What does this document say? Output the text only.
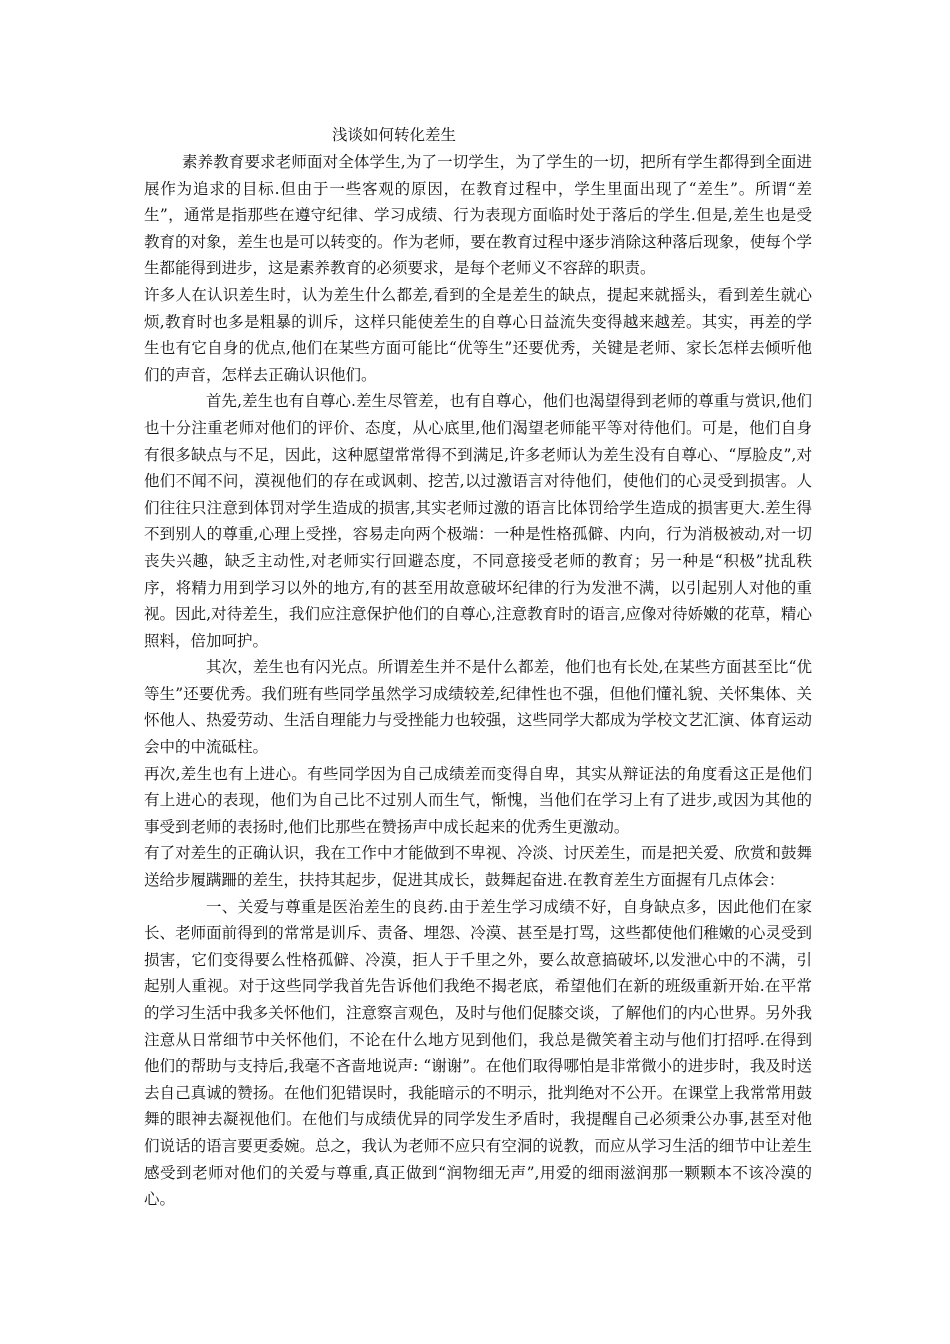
浅谈如何转化差生

素养教育要求老师面对全体学生,为了一切学生，为了学生的一切，把所有学生都得到全面进展作为追求的目标.但由于一些客观的原因，在教育过程中，学生里面出现了“差生”。所谓“差生”，通常是指那些在遵守纪律、学习成绩、行为表现方面临时处于落后的学生.但是,差生也是受教育的对象，差生也是可以转变的。作为老师，要在教育过程中逐步消除这种落后现象，使每个学生都能得到进步，这是素养教育的必须要求，是每个老师义不容辞的职责。

许多人在认识差生时，认为差生什么都差,看到的全是差生的缺点，提起来就摇头，看到差生就心烦,教育时也多是粗暴的训斥，这样只能使差生的自尊心日益流失变得越来越差。其实，再差的学生也有它自身的优点,他们在某些方面可能比“优等生”还要优秀，关键是老师、家长怎样去倾听他们的声音，怎样去正确认识他们。

首先,差生也有自尊心.差生尽管差，也有自尊心，他们也渴望得到老师的尊重与赏识,他们也十分注重老师对他们的评价、态度，从心底里,他们渴望老师能平等对待他们。可是，他们自身有很多缺点与不足，因此，这种愿望常常得不到满足,许多老师认为差生没有自尊心、“厚脸皮”,对他们不闻不问，漠视他们的存在或讽刺、挖苦,以过激语言对待他们，使他们的心灵受到损害。人们往往只注意到体罚对学生造成的损害,其实老师过激的语言比体罚给学生造成的损害更大.差生得不到别人的尊重,心理上受挫，容易走向两个极端：一种是性格孤僻、内向，行为消极被动,对一切丧失兴趣，缺乏主动性,对老师实行回避态度，不同意接受老师的教育；另一种是“积极”扰乱秩序，将精力用到学习以外的地方,有的甚至用故意破坏纪律的行为发泄不满，以引起别人对他的重视。因此,对待差生，我们应注意保护他们的自尊心,注意教育时的语言,应像对待娇嫩的花草，精心照料，倍加呵护。

其次，差生也有闪光点。所谓差生并不是什么都差，他们也有长处,在某些方面甚至比“优等生”还要优秀。我们班有些同学虽然学习成绩较差,纪律性也不强，但他们懂礼貌、关怀集体、关怀他人、热爱劳动、生活自理能力与受挫能力也较强，这些同学大都成为学校文艺汇演、体育运动会中的中流砥柱。

再次,差生也有上进心。有些同学因为自己成绩差而变得自卑，其实从辩证法的角度看这正是他们有上进心的表现，他们为自己比不过别人而生气，惭愧，当他们在学习上有了进步,或因为其他的事受到老师的表扬时,他们比那些在赞扬声中成长起来的优秀生更激动。

有了对差生的正确认识，我在工作中才能做到不卑视、冷淡、讨厌差生，而是把关爱、欣赏和鼓舞送给步履蹒跚的差生，扶持其起步，促进其成长，鼓舞起奋进.在教育差生方面握有几点体会：

一、关爱与尊重是医治差生的良药.由于差生学习成绩不好，自身缺点多，因此他们在家长、老师面前得到的常常是训斥、责备、埋怨、冷漠、甚至是打骂，这些都使他们稚嫩的心灵受到损害，它们变得要么性格孤僻、冷漠，拒人于千里之外，要么故意搞破坏,以发泄心中的不满，引起别人重视。对于这些同学我首先告诉他们我绝不揭老底，希望他们在新的班级重新开始.在平常的学习生活中我多关怀他们，注意察言观色，及时与他们促膝交谈，了解他们的内心世界。另外我注意从日常细节中关怀他们，不论在什么地方见到他们，我总是微笑着主动与他们打招呼.在得到他们的帮助与支持后,我毫不吝啬地说声: “谢谢”。在他们取得哪怕是非常微小的进步时，我及时送去自己真诚的赞扬。在他们犯错误时，我能暗示的不明示，批判绝对不公开。在课堂上我常常用鼓舞的眼神去凝视他们。在他们与成绩优异的同学发生矛盾时，我提醒自己必须秉公办事,甚至对他们说话的语言要更委婉。总之，我认为老师不应只有空洞的说教，而应从学习生活的细节中让差生感受到老师对他们的关爱与尊重,真正做到“润物细无声”,用爱的细雨滋润那一颗颗本不该冷漠的心。
